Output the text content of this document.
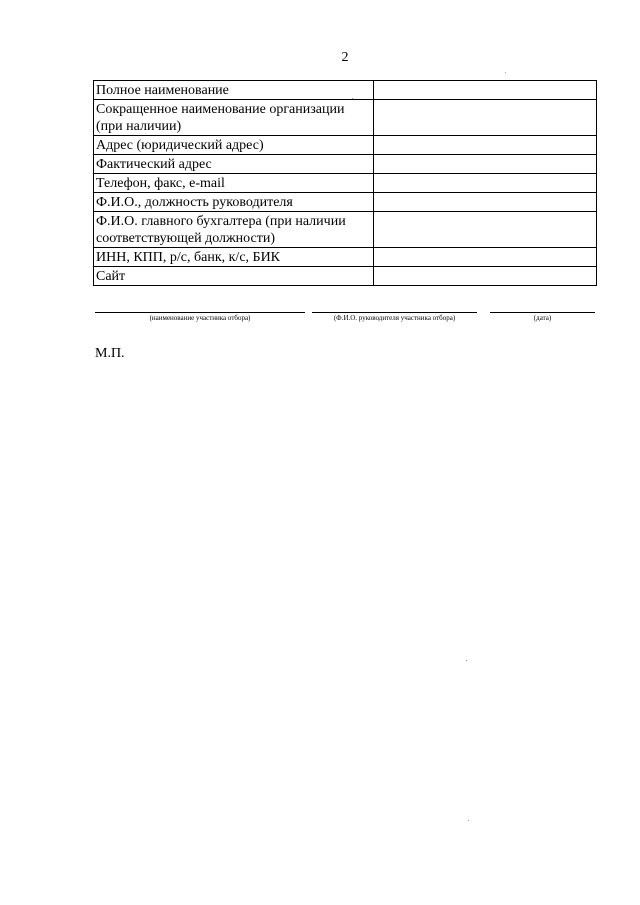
2
Полное наименование	
Сокращенное наименование организации (при наличии)	
Адрес (юридический адрес)	
Фактический адрес	
Телефон, факс, e-mail	
Ф.И.О., должность руководителя	
Ф.И.О. главного бухгалтера (при наличии соответствующей должности)	
ИНН, КПП, р/с, банк, к/с, БИК	
Сайт	
(наименование участника отбора)	(Ф.И.О. руководителя участника отбора)	(дата)
М.П.
